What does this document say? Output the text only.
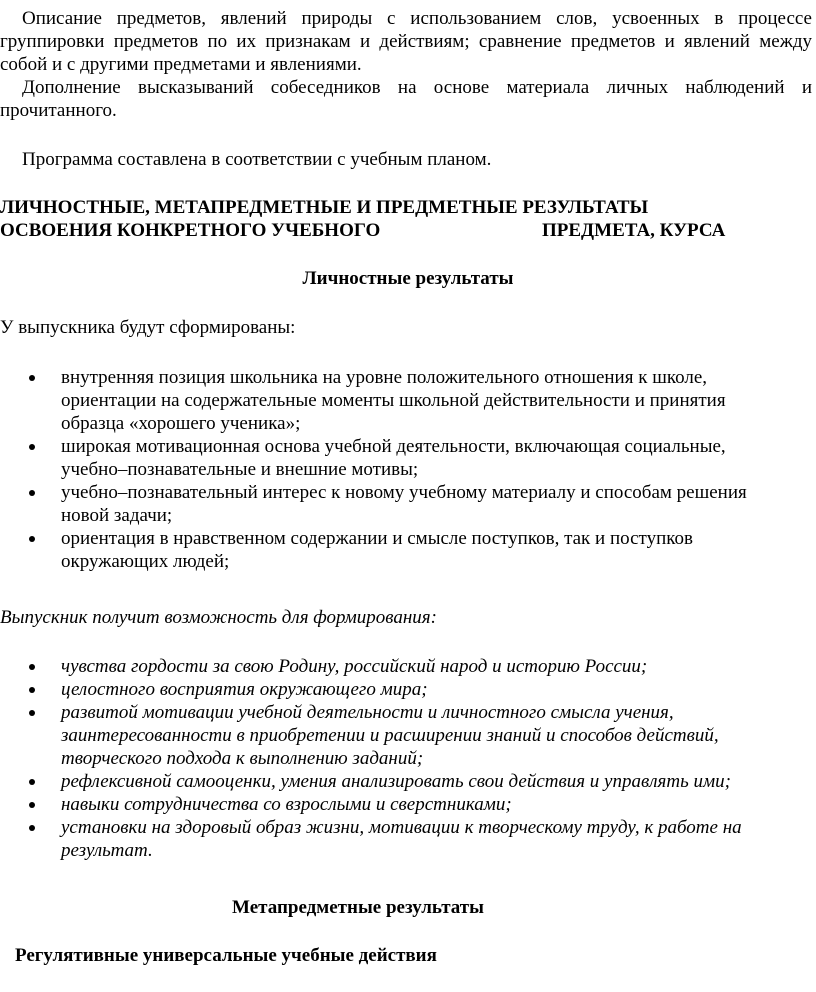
Описание предметов, явлений природы с использованием слов, усвоенных в процессе группировки предметов по их признакам и действиям; сравнение предметов и явлений между собой и с другими предметами и явлениями.

Дополнение высказываний собеседников на основе материала личных наблюдений и прочитанного.

Программа составлена в соответствии с учебным планом.

ЛИЧНОСТНЫЕ, МЕТАПРЕДМЕТНЫЕ И ПРЕДМЕТНЫЕ РЕЗУЛЬТАТЫ

ОСВОЕНИЯ КОНКРЕТНОГО УЧЕБНОГО	ПРЕДМЕТА, КУРСА

Личностные результаты

У выпускника будут сформированы:

внутренняя позиция школьника на уровне положительного отношения к школе, ориентации на содержательные моменты школьной действительности и принятия образца «хорошего ученика»;
широкая мотивационная основа учебной деятельности, включающая социальные, учебно–познавательные и внешние мотивы;
учебно–познавательный интерес к новому учебному материалу и способам решения новой задачи;
ориентация в нравственном содержании и смысле поступков, так и поступков окружающих людей;

Выпускник получит возможность для формирования:

чувства гордости за свою Родину, российский народ и историю России;
целостного восприятия окружающего мира;
развитой мотивации учебной деятельности и личностного смысла учения, заинтересованности в приобретении и расширении знаний и способов действий, творческого подхода к выполнению заданий;
рефлексивной самооценки, умения анализировать свои действия и управлять ими;
навыки сотрудничества со взрослыми и сверстниками;
установки на здоровый образ жизни, мотивации к творческому труду, к работе на результат.

Метапредметные результаты

Регулятивные универсальные учебные действия
